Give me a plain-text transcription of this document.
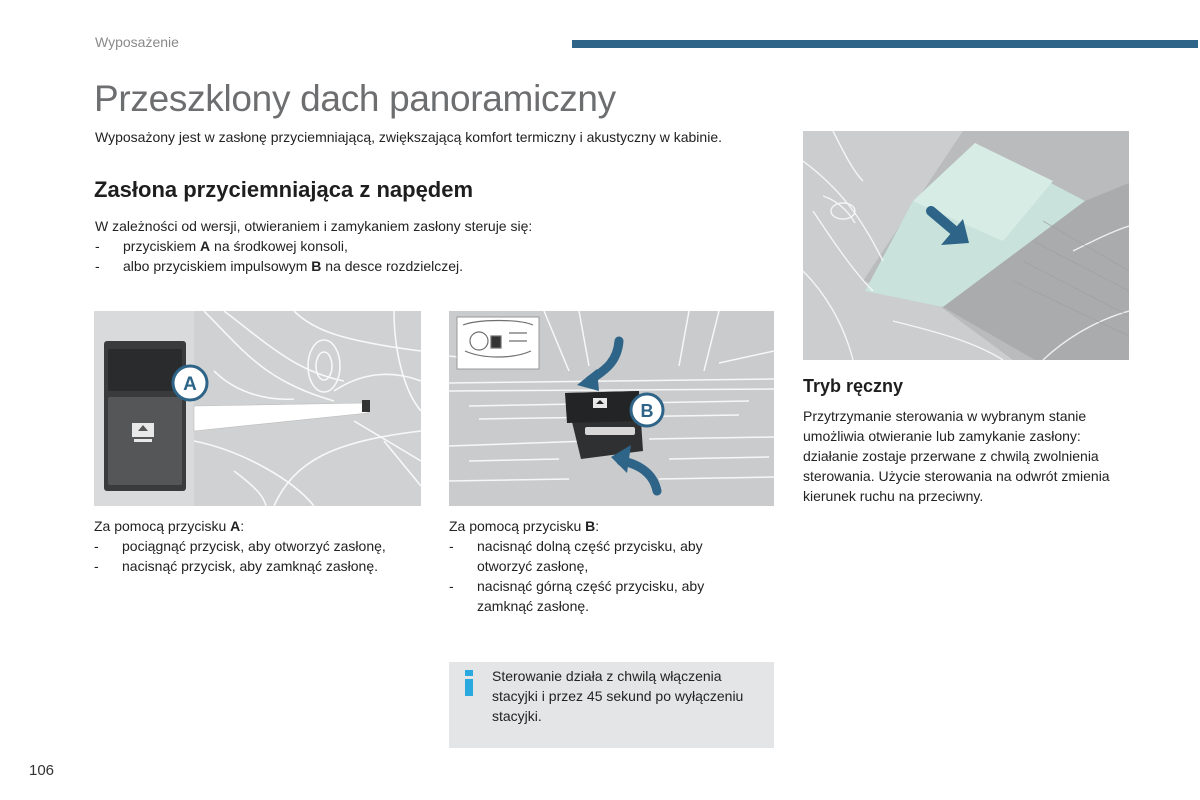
Wyposażenie
Przeszklony dach panoramiczny

Wyposażony jest w zasłonę przyciemniającą, zwiększającą komfort termiczny i akustyczny w kabinie.

Zasłona przyciemniająca z napędem

W zależności od wersji, otwieraniem i zamykaniem zasłony steruje się:

- przyciskiem A na środkowej konsoli,
- albo przyciskiem impulsowym B na desce rozdzielczej.
A
B

Za pomocą przycisku A:

- pociągnąć przycisk, aby otworzyć zasłonę,
- nacisnąć przycisk, aby zamknąć zasłonę.

Za pomocą przycisku B:

- nacisnąć dolną część przycisku, aby otworzyć zasłonę,
- nacisnąć górną część przycisku, aby zamknąć zasłonę.
Tryb ręczny

Przytrzymanie sterowania w wybranym stanie umożliwia otwieranie lub zamykanie zasłony: działanie zostaje przerwane z chwilą zwolnienia sterowania. Użycie sterowania na odwrót zmienia kierunek ruchu na przeciwny.

Sterowanie działa z chwilą włączenia stacyjki i przez 45 sekund po wyłączeniu stacyjki.
106
